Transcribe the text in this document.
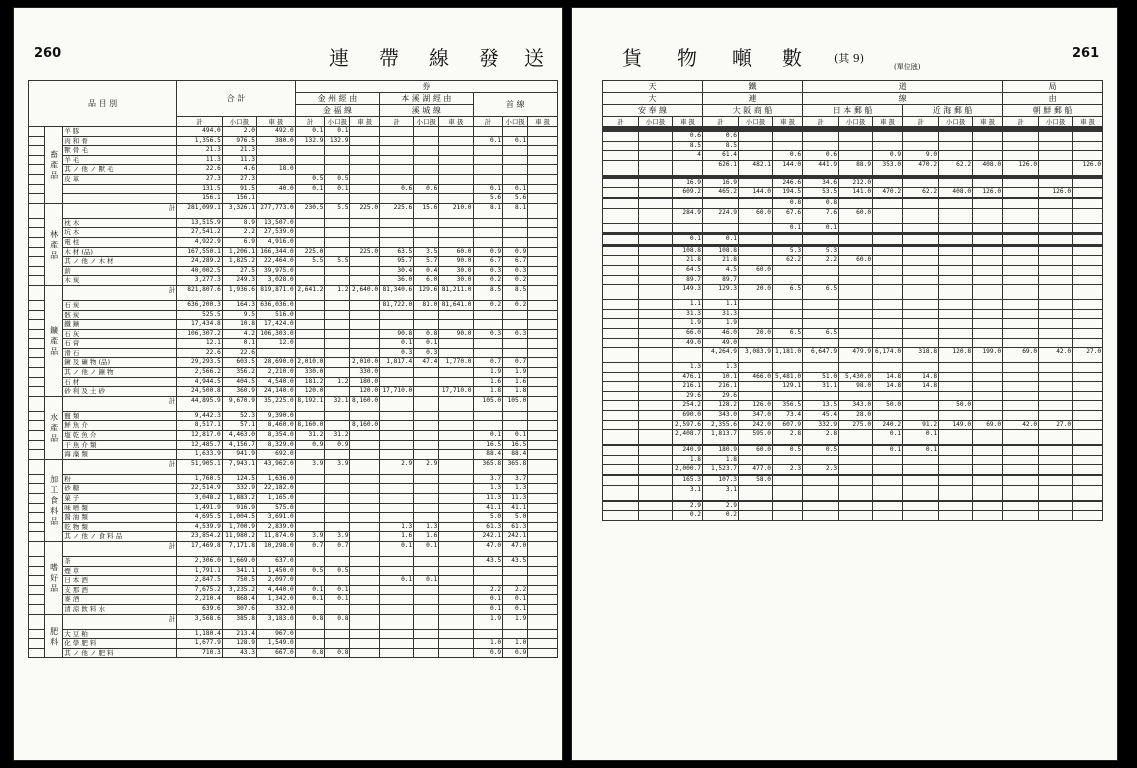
260	連 帶 線 發 送
品 目 別			合 計			券								
						金 州 經 由			本 溪 湖 經 由			首 線		
						金 福 線			溪 城 線					
			計	小口扱	車 扱	計	小口扱	車 扱	計	小口扱	車 扱	計	小口扱	車 扱
	畜 產 品	羊 豚	494.0	2.0	492.0	0.1	0.1							
		肉 和 骨	1,356.5	976.5	380.0	132.9	132.9					0.1	0.1	
		獸 骨 毛	21.3	21.3										
		羊 毛	11.3	11.3										
		其 ノ 他 ノ 獸 毛	22.6	4.6	18.0									
		皮 革	27.3	27.3		0.5	0.5							
			131.5	91.5	40.0	0.1	0.1		0.6	0.6		0.1	0.1	
			156.1	156.1								5.6	5.6	
	林 產 品	計	281,099.1	3,326.1	277,773.0	230.5	5.5	225.0	225.6	15.6	210.0	8.1	8.1	
		枕 木	13,515.9	8.9	13,507.0									
		坑 木	27,541.2	2.2	27,539.0									
		電 柱	4,922.9	6.9	4,916.0									
		木 材 (品)	167,550.1	1,206.1	166,344.0	225.0		225.0	63.5	3.5	60.0	0.9	0.9	
		其 ノ 他 ノ 木 材	24,289.2	1,825.2	22,464.0	5.5	5.5		95.7	5.7	90.0	6.7	6.7	
		薪	40,002.5	27.5	39,975.0				30.4	0.4	30.0	0.3	0.3	
		木 炭	3,277.3	249.3	3,028.0				36.0	6.0	30.0	0.2	0.2	
	鑛 產 品	計	821,807.6	1,936.6	819,871.0	2,641.2	1.2	2,640.0	81,340.6	129.6	81,211.0	8.5	8.5	
		石 炭	636,200.3	164.3	636,036.0				81,722.0	81.0	81,641.0	0.2	0.2	
		骸 炭	525.5	9.5	516.0									
		鐵 鑛	17,434.8	10.8	17,424.0									
		石 灰	106,307.2	4.2	106,303.0				90.8	0.8	90.0	0.3	0.3	
		石 膏	12.1	0.1	12.0				0.1	0.1				
		滑 石	22.6	22.6					0.3	0.3				
		鑛 及 礦 物 (品)	29,293.5	603.5	28,690.0	2,010.0		2,010.0	1,817.4	47.4	1,770.0	0.7	0.7	
		其 ノ 他 ノ 鑛 物	2,566.2	356.2	2,210.0	330.0		330.0				1.9	1.9	
		石 材	4,944.5	404.5	4,540.0	181.2	1.2	180.0				1.6	1.6	
		砂 利 及 土 砂	24,500.8	360.9	24,140.0	120.0		120.0	17,710.0		17,710.0	1.8	1.8	
	水 產 品	計	44,895.9	9,670.9	35,225.0	8,192.1	32.1	8,160.0				105.0	105.0	
		鹽 類	9,442.3	52.3	9,390.0									
		鮮 魚 介	8,517.1	57.1	8,460.0	8,160.0		8,160.0						
		塩 乾 魚 介	12,817.0	4,463.0	8,354.0	31.2	31.2					0.1	0.1	
		干 魚 介 類	12,485.7	4,156.7	8,329.0	0.9	0.9					16.5	16.5	
		海 藻 類	1,633.9	941.9	692.0							88.4	88.4	
	加 工 食 料 品	計	51,905.1	7,943.1	43,962.0	3.9	3.9		2.9	2.9		365.8	365.8	
		粉	1,760.5	124.5	1,636.0							3.7	3.7	
		砂 糖	22,514.9	332.9	22,182.0							1.3	1.3	
		菓 子	3,048.2	1,883.2	1,165.0							11.3	11.3	
		味 噌 類	1,491.9	916.9	575.0							41.1	41.1	
		醤 油 類	4,695.5	1,004.5	3,691.0							5.0	5.0	
		乾 物 類	4,539.9	1,700.9	2,839.0				1.3	1.3		61.3	61.3	
		其 ノ 他 ノ 食 料 品	23,854.2	11,980.2	11,874.0	3.9	3.9		1.6	1.6		242.1	242.1	
	嗜 好 品	計	17,469.8	7,171.8	10,298.0	0.7	0.7		0.1	0.1		47.0	47.0	
		茶	2,306.0	1,669.0	637.0							43.5	43.5	
		煙 草	1,791.1	341.1	1,450.0	0.5	0.5							
		日 本 酒	2,847.5	750.5	2,097.0				0.1	0.1				
		支 那 酒	7,675.2	3,235.2	4,440.0	0.1	0.1					2.2	2.2	
		麥 酒	2,210.4	868.4	1,342.0	0.1	0.1					0.1	0.1	
		清 涼 飲 料 水	639.6	307.6	332.0							0.1	0.1	
	肥 料	計	3,568.6	385.8	3,183.0	0.8	0.8					1.9	1.9	
		大 豆 粕	1,180.4	213.4	967.0									
		化 學 肥 料	1,677.9	128.9	1,549.0							1.0	1.0	
		其 ノ 他 ノ 肥 料	710.3	43.3	667.0	0.8	0.8					0.9	0.9	
貨 物 噸 數	(其 9)
(單位瓲)
261
天			鐵			道						局		
大			連			線						由		
安 奉 線			大 阪 商 船			日 本 郵 船			近 海 郵 船			朝 鮮 郵 船		
計	小口扱	車 扱	計	小口扱	車 扱	計	小口扱	車 扱	計	小口扱	車 扱	計	小口扱	車 扱

		0.6	0.6											
		8.5	8.5											
		4	61.4		0.6	0.6		0.9	9.0					
			626.1	482.1	144.0	441.9	88.9	353.0	470.2	62.2	408.0	126.0		126.0

		16.9	16.9		246.6	34.6	212.0							
		609.2	465.2	144.0	194.5	53.5	141.0	470.2	62.2	408.0	126.0		126.0	

					0.8	0.8								
		284.9	224.9	60.0	67.6	7.6	60.0							
					0.1	0.1								

		0.1	0.1											

		108.8	108.8		5.3	5.3								
		21.8	21.8		62.2	2.2	60.0							
		64.5	4.5	60.0										
		89.7	89.7											
		149.3	129.3	20.0	6.5	6.5								
		1.1	1.1											
		31.3	31.3											
		1.9	1.9											
		66.0	46.0	20.0	6.5	6.5								
		49.0	49.0											
			4,264.9	3,083.9	1,181.0	6,647.9	479.9	6,174.0	318.8	120.8	199.0	69.0	42.0	27.0
		1.3	1.3											
		476.1	10.1	466.0	5,481.0	51.0	5,430.0	14.8	14.8					
		216.1	216.1		129.1	31.1	98.0	14.8	14.8					
		29.6	29.6											
		254.2	128.2	126.0	356.5	13.5	343.0	50.0		50.0				
		690.0	343.0	347.0	73.4	45.4	28.0							
		2,597.6	2,355.6	242.0	607.9	332.9	275.0	240.2	91.2	149.0	69.0	42.0	27.0	
		2,408.7	1,813.7	595.0	2.8	2.8		0.1	0.1					

		240.9	180.9	60.0	0.5	0.5		0.1	0.1					
		1.8	1.8											
		2,000.7	1,523.7	477.0	2.3	2.3								

		165.3	107.3	58.0										
		3.1	3.1											

		2.9	2.9											
		0.2	0.2											
